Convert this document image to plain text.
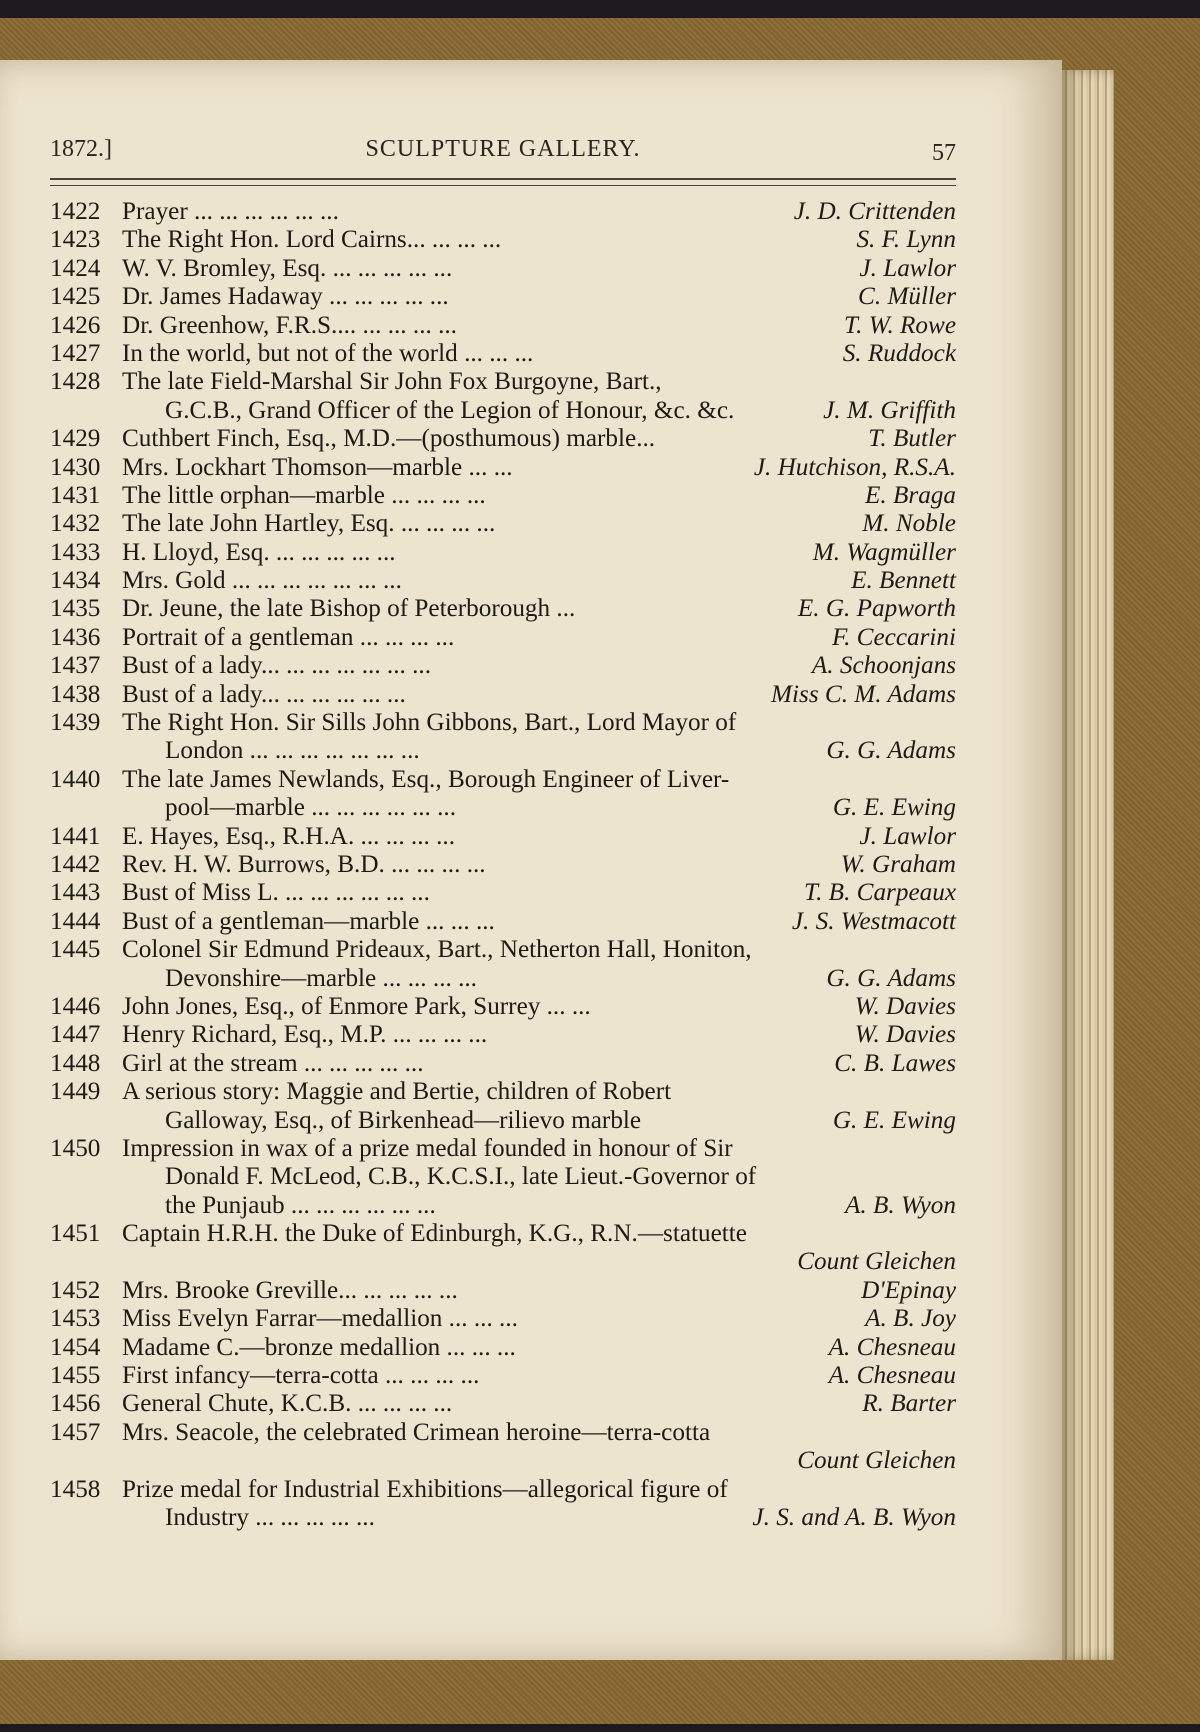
1872.]	SCULPTURE GALLERY.	57
1422 Prayer ... ... ... ... ... ...	J. D. Crittenden
1423 The Right Hon. Lord Cairns... ... ... ...	S. F. Lynn
1424 W. V. Bromley, Esq. ... ... ... ... ...	J. Lawlor
1425 Dr. James Hadaway ... ... ... ... ...	C. Müller
1426 Dr. Greenhow, F.R.S.... ... ... ... ...	T. W. Rowe
1427 In the world, but not of the world ... ... ...	S. Ruddock
1428 The late Field-Marshal Sir John Fox Burgoyne, Bart.,
G.C.B., Grand Officer of the Legion of Honour, &c. &c.	J. M. Griffith
1429 Cuthbert Finch, Esq., M.D.—(posthumous) marble...	T. Butler
1430 Mrs. Lockhart Thomson—marble ... ...	J. Hutchison, R.S.A.
1431 The little orphan—marble ... ... ... ...	E. Braga
1432 The late John Hartley, Esq. ... ... ... ...	M. Noble
1433 H. Lloyd, Esq. ... ... ... ... ...	M. Wagmüller
1434 Mrs. Gold ... ... ... ... ... ... ...	E. Bennett
1435 Dr. Jeune, the late Bishop of Peterborough ...	E. G. Papworth
1436 Portrait of a gentleman ... ... ... ...	F. Ceccarini
1437 Bust of a lady... ... ... ... ... ... ...	A. Schoonjans
1438 Bust of a lady... ... ... ... ... ...	Miss C. M. Adams
1439 The Right Hon. Sir Sills John Gibbons, Bart., Lord Mayor of
London ... ... ... ... ... ... ...	G. G. Adams
1440 The late James Newlands, Esq., Borough Engineer of Liver-
pool—marble ... ... ... ... ... ...	G. E. Ewing
1441 E. Hayes, Esq., R.H.A. ... ... ... ...	J. Lawlor
1442 Rev. H. W. Burrows, B.D. ... ... ... ...	W. Graham
1443 Bust of Miss L. ... ... ... ... ... ...	T. B. Carpeaux
1444 Bust of a gentleman—marble ... ... ...	J. S. Westmacott
1445 Colonel Sir Edmund Prideaux, Bart., Netherton Hall, Honiton,
Devonshire—marble ... ... ... ...	G. G. Adams
1446 John Jones, Esq., of Enmore Park, Surrey ... ...	W. Davies
1447 Henry Richard, Esq., M.P. ... ... ... ...	W. Davies
1448 Girl at the stream ... ... ... ... ...	C. B. Lawes
1449 A serious story: Maggie and Bertie, children of Robert
Galloway, Esq., of Birkenhead—rilievo marble	G. E. Ewing
1450 Impression in wax of a prize medal founded in honour of Sir
Donald F. McLeod, C.B., K.C.S.I., late Lieut.-Governor of
the Punjaub ... ... ... ... ... ...	A. B. Wyon
1451 Captain H.R.H. the Duke of Edinburgh, K.G., R.N.—statuette
Count Gleichen
1452 Mrs. Brooke Greville... ... ... ... ...	D'Epinay
1453 Miss Evelyn Farrar—medallion ... ... ...	A. B. Joy
1454 Madame C.—bronze medallion ... ... ...	A. Chesneau
1455 First infancy—terra-cotta ... ... ... ...	A. Chesneau
1456 General Chute, K.C.B. ... ... ... ...	R. Barter
1457 Mrs. Seacole, the celebrated Crimean heroine—terra-cotta
Count Gleichen
1458 Prize medal for Industrial Exhibitions—allegorical figure of
Industry ... ... ... ... ...	J. S. and A. B. Wyon
